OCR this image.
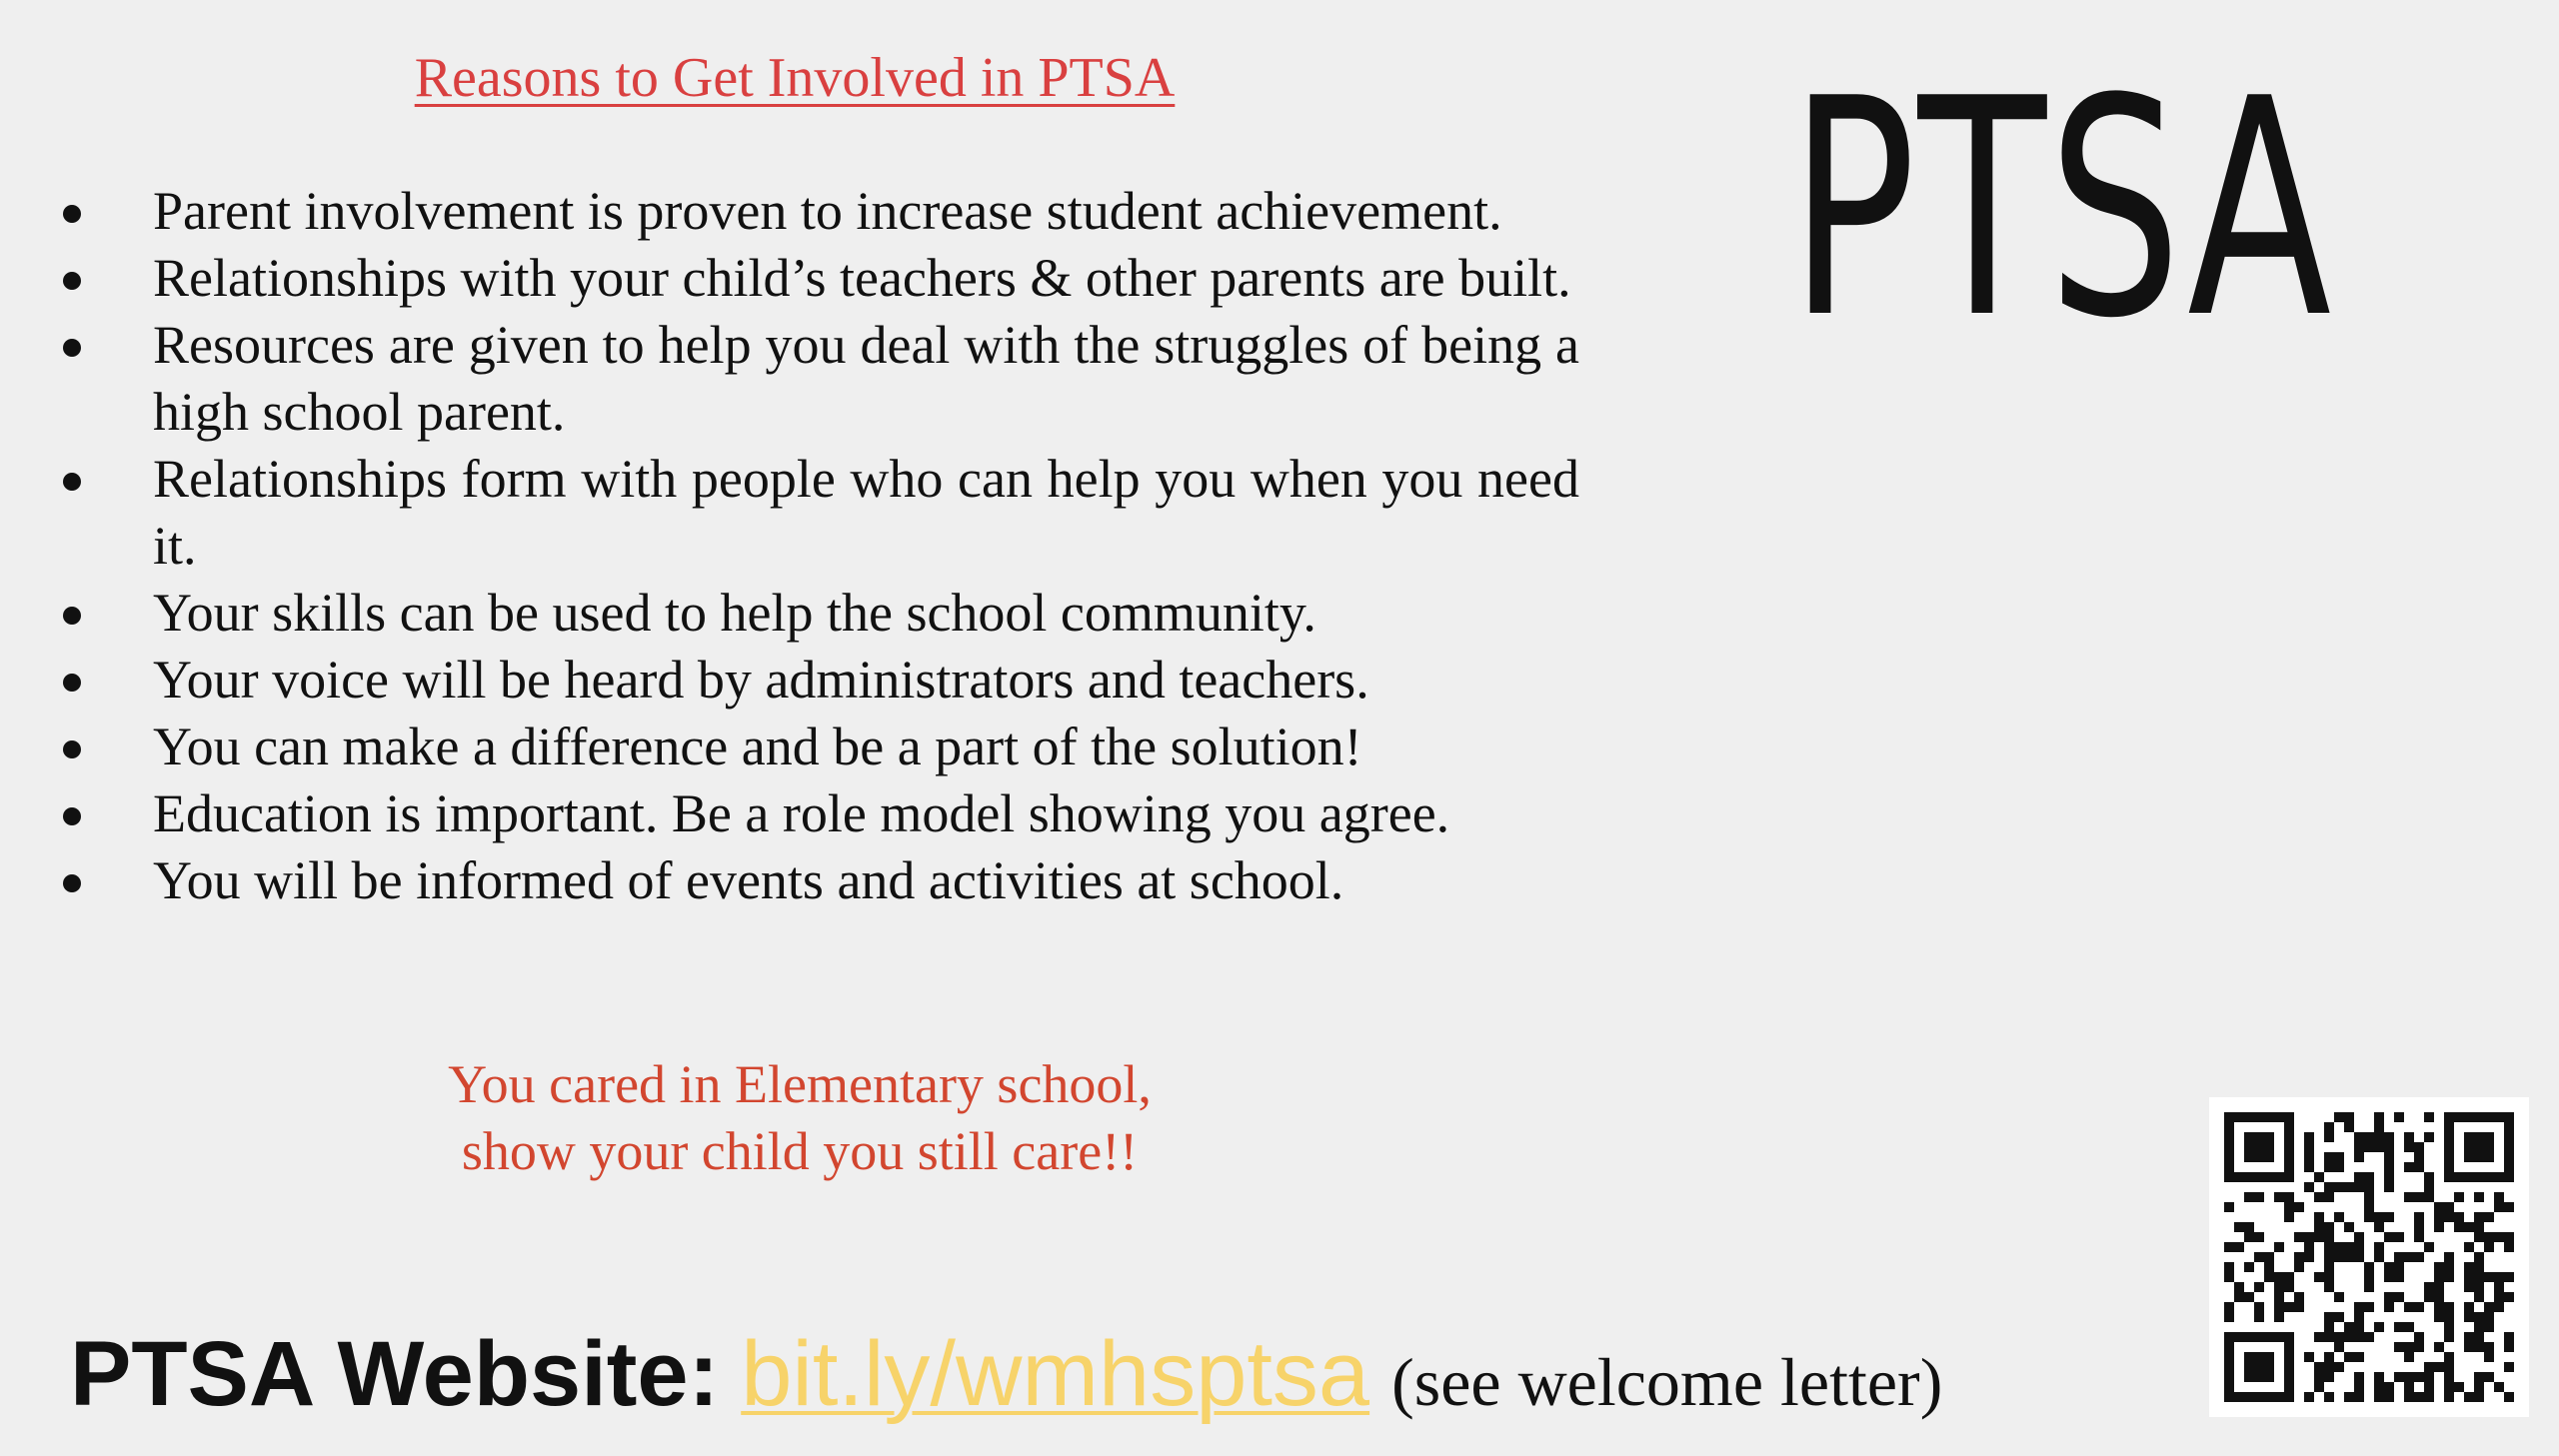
Reasons to Get Involved in PTSA
Parent involvement is proven to increase student achievement.
Relationships with your child’s teachers & other parents are built.
Resources are given to help you deal with the struggles of being a high school parent.
Relationships form with people who can help you when you need it.
Your skills can be used to help the school community.
Your voice will be heard by administrators and teachers.
You can make a difference and be a part of the solution!
Education is important. Be a role model showing you agree.
You will be informed of events and activities at school.
You cared in Elementary school,
show your child you still care!!
PTSA
PTSA Website: bit.ly/wmhsptsa (see welcome letter)
